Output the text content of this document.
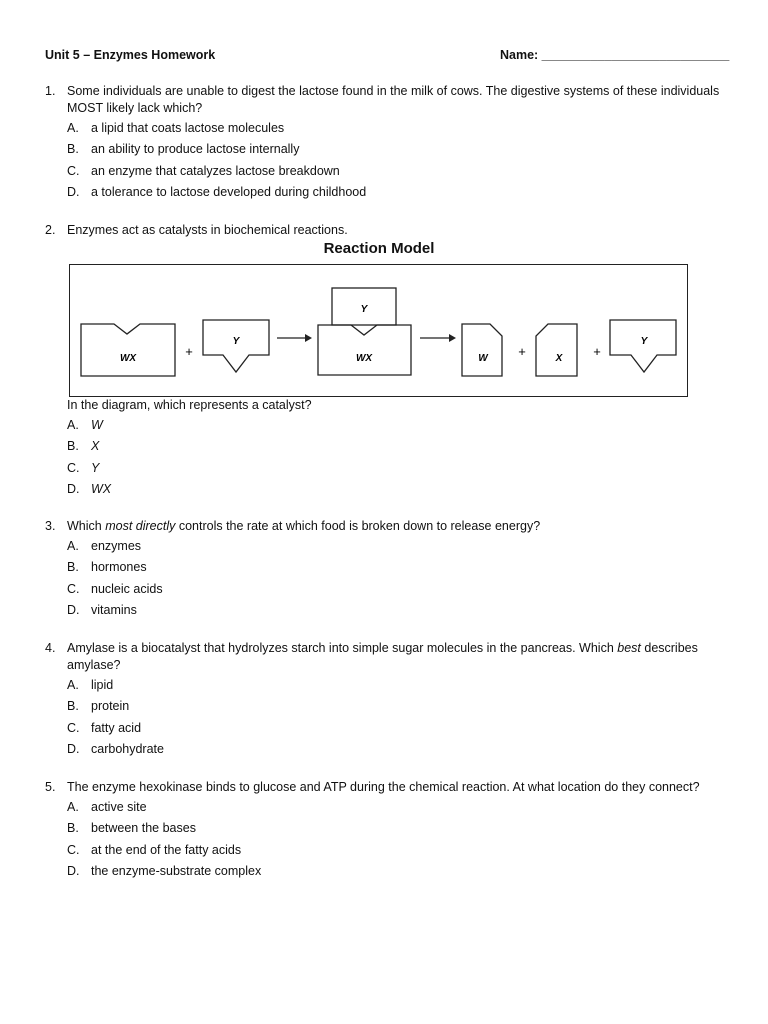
Unit 5 – Enzymes Homework	Name: ___________________________
1. Some individuals are unable to digest the lactose found in the milk of cows. The digestive systems of these individuals MOST likely lack which?
A. a lipid that coats lactose molecules
B. an ability to produce lactose internally
C. an enzyme that catalyzes lactose breakdown
D. a tolerance to lactose developed during childhood
2. Enzymes act as catalysts in biochemical reactions.
Reaction Model
WX	+
Y
Y
WX	W +	X +
Y
In the diagram, which represents a catalyst?
A. W
B. X
C. Y
D. WX
3. Which most directly controls the rate at which food is broken down to release energy?
A. enzymes
B. hormones
C. nucleic acids
D. vitamins
4. Amylase is a biocatalyst that hydrolyzes starch into simple sugar molecules in the pancreas. Which best describes amylase?
A. lipid
B. protein
C. fatty acid
D. carbohydrate
5. The enzyme hexokinase binds to glucose and ATP during the chemical reaction. At what location do they connect?
A. active site
B. between the bases
C. at the end of the fatty acids
D. the enzyme-substrate complex
